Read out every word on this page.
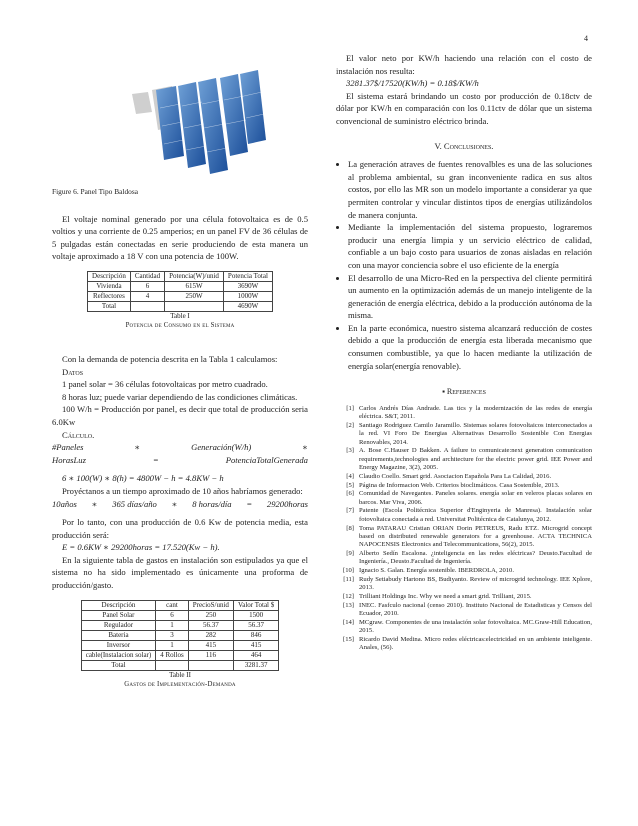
4
Figure 6. Panel Tipo Baldosa

El voltaje nominal generado por una célula fotovoltaica es de 0.5 voltios y una corriente de 0.25 amperios; en un panel FV de 36 células de 5 pulgadas están conectadas en serie produciendo de esta manera un voltaje aproximado a 18 V con una potencia de 100W.

Descripción	Cantidad	Potencia(W)/unid	Potencia Total
Vivienda	6	615W	3690W
Reflectores	4	250W	1000W
Total			4690W
Table I
Potencia de Consumo en el Sistema

Con la demanda de potencia descrita en la Tabla 1 calculamos:

Datos

1 panel solar = 36 células fotovoltaicas por metro cuadrado.

8 horas luz; puede variar dependiendo de las condiciones climáticas.

100 W/h = Producción por panel, es decir que total de producción seria 6.0Kw

Cálculo.

#Paneles	∗	Generación(W/h)	∗
HorasLuz	=	PotenciaTotalGenerada

6 ∗ 100(W) ∗ 8(h) = 4800W − h = 4.8KW − h

Proyéctanos a un tiempo aproximado de 10 años habríamos generado:

10años ∗ 365 días/año ∗ 8 horas/día = 29200horas

Por lo tanto, con una producción de 0.6 Kw de potencia media, esta producción será:

E = 0.6KW ∗ 29200horas = 17.520(Kw − h).

En la siguiente tabla de gastos en instalación son estipulados ya que el sistema no ha sido implementado es únicamente una proforma de producción/gasto.

Descripción	cant	PrecioS/unid	Valor Total $
Panel Solar	6	250	1500
Regulador	1	56.37	56.37
Bateria	3	282	846
Inversor	1	415	415
cable(Instalacion solar)	4 Rollos	116	464
Total			3281.37
Table II
Gastos de Implementación-Demanda

El valor neto por KW/h haciendo una relación con el costo de instalación nos resulta:

3281.37$/17520(KW/h) = 0.18$/KW/h

El sistema estará brindando un costo por producción de 0.18ctv de dólar por KW/h en comparación con los 0.11ctv de dólar que un sistema convencional de suministro eléctrico brinda.

V. Conclusiones.
• La generación atraves de fuentes renovalbles es una de las soluciones al problema ambiental, su gran inconveniente radica en sus altos costos, por ello las MR son un modelo importante a considerar ya que permiten controlar y vincular distintos tipos de energías utilizándolos de manera conjunta.
• Mediante la implementación del sistema propuesto, lograremos producir una energía limpia y un servicio eléctrico de calidad, confiable a un bajo costo para usuarios de zonas aisladas en relación con una mayor conciencia sobre el uso eficiente de la energía
• El desarrollo de una Micro-Red en la perspectiva del cliente permitirá un aumento en la optimización además de un manejo inteligente de la generación de energía eléctrica, debido a la producción autónoma de la misma.
• En la parte económica, nuestro sistema alcanzará reducción de costes debido a que la producción de energía esta liberada mecanismo que consumen combustible, ya que lo hacen mediante la utilización de energía solar(energía renovable).
▪ References
[1] Carlos Andrés Días Andrade. Las tics y la modernización de las redes de energía eléctrica. S&T, 2011.
[2] Santiago Rodriguez Camilo Jaramillo. Sistemas solares fotovoltaicos interconectados a la red. VI Foro De Energias Alternativas Desarrollo Sostenible Con Energias Renovables, 2014.
[3] A. Bose C.Hauser D Bakken. A failure to comunicate:next generation comunication requirements,technologies and architecture for the electric power grid. IEE Power and Energy Magazine, 3(2), 2005.
[4] Claudio Coello. Smart grid. Asociacion Española Para La Calidad, 2016.
[5] Página de Informacion Web. Criterios bioclimáticos. Casa Sostenible, 2013.
[6] Comunidad de Navegantes. Paneles solares. energía solar en veleros placas solares en barcos. Mar Viva, 2006.
[7] Patente (Escola Politécnica Superior d'Enginyeria de Manresa). Instalación solar fotovoltaica conectada a red. Universitat Politécnica de Catalunya, 2012.
[8] Toma PATARAU Cristian ORIAN Dorin PETREUS, Radu ETZ. Microgrid concept based on distributed renewable generators for a greenhouse. ACTA TECHNICA NAPOCENSIS Electronics and Telecommunications, 56(2), 2015.
[9] Alberto Sedín Escalona. ¿inteligencia en las redes eléctricas? Deusto.Facultad de Ingeniería., Deusto.Facultad de Ingeniería.
[10] Ignacio S. Galan. Energía sostenible. IBERDROLA, 2010.
[11] Rudy Setiabudy Hartono BS, Budiyanto. Review of microgrid technology. IEE Xplore, 2013.
[12] Trilliant Holdings Inc. Why we need a smart grid. Trilliant, 2015.
[13] INEC. Fasfculo nacional (censo 2010). Instituto Nacional de Estadisticas y Censos del Ecuador, 2010.
[14] MCgraw. Componentes de una instalación solar fotovoltaica. MC.Graw-Hill Education, 2015.
[15] Ricardo David Medina. Micro redes eléctricas:electricidad en un ambiente inteligente. Anales, (56).
